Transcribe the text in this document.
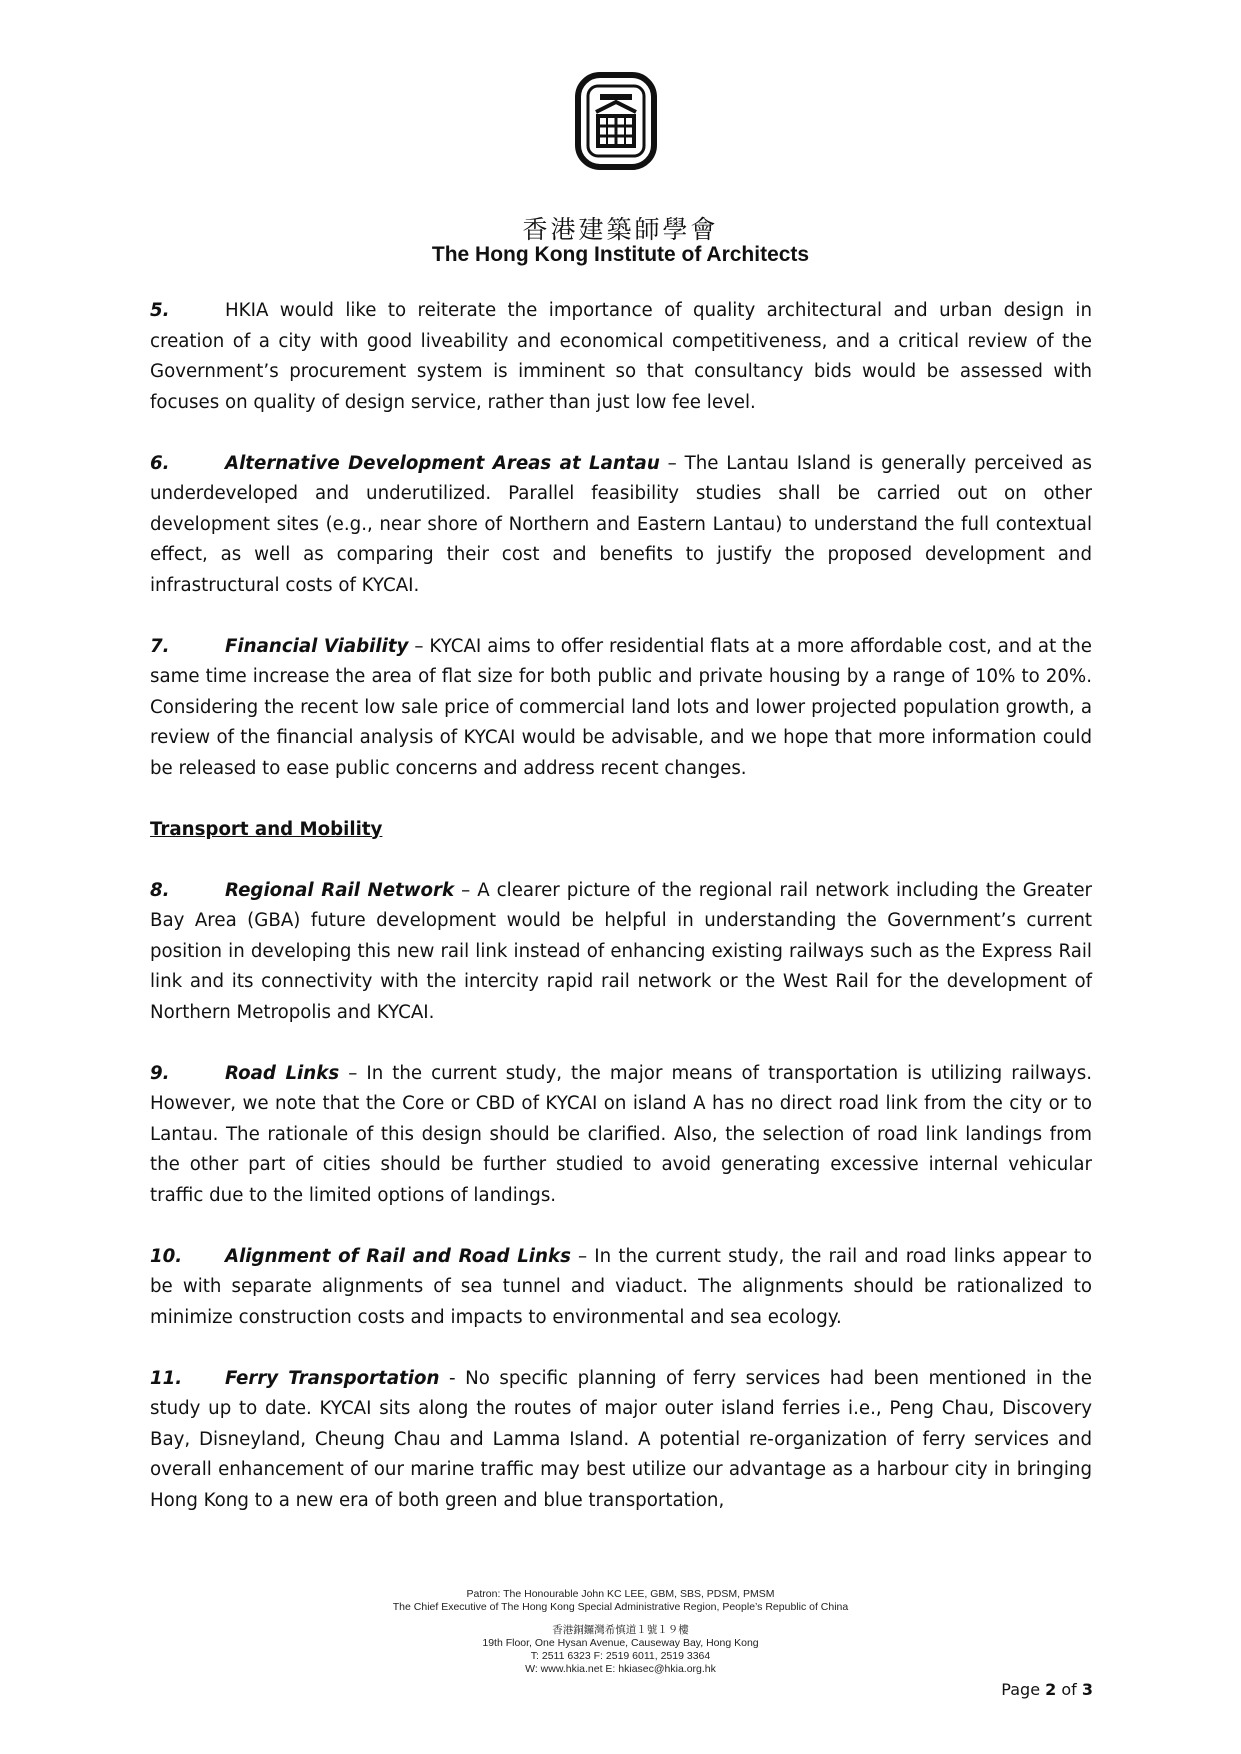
香港建築師學會
The Hong Kong Institute of Architects

5.	HKIA would like to reiterate the importance of quality architectural and urban design in creation of a city with good liveability and economical competitiveness, and a critical review of the Government’s procurement system is imminent so that consultancy bids would be assessed with focuses on quality of design service, rather than just low fee level.

6.	Alternative Development Areas at Lantau – The Lantau Island is generally perceived as underdeveloped and underutilized. Parallel feasibility studies shall be carried out on other development sites (e.g., near shore of Northern and Eastern Lantau) to understand the full contextual effect, as well as comparing their cost and benefits to justify the proposed development and infrastructural costs of KYCAI.

7.	Financial Viability – KYCAI aims to offer residential flats at a more affordable cost, and at the same time increase the area of flat size for both public and private housing by a range of 10% to 20%. Considering the recent low sale price of commercial land lots and lower projected population growth, a review of the financial analysis of KYCAI would be advisable, and we hope that more information could be released to ease public concerns and address recent changes.

Transport and Mobility

8.	Regional Rail Network – A clearer picture of the regional rail network including the Greater Bay Area (GBA) future development would be helpful in understanding the Government’s current position in developing this new rail link instead of enhancing existing railways such as the Express Rail link and its connectivity with the intercity rapid rail network or the West Rail for the development of Northern Metropolis and KYCAI.

9.	Road Links – In the current study, the major means of transportation is utilizing railways. However, we note that the Core or CBD of KYCAI on island A has no direct road link from the city or to Lantau. The rationale of this design should be clarified. Also, the selection of road link landings from the other part of cities should be further studied to avoid generating excessive internal vehicular traffic due to the limited options of landings.

10. Alignment of Rail and Road Links – In the current study, the rail and road links appear to be with separate alignments of sea tunnel and viaduct. The alignments should be rationalized to minimize construction costs and impacts to environmental and sea ecology.

11. Ferry Transportation - No specific planning of ferry services had been mentioned in the study up to date. KYCAI sits along the routes of major outer island ferries i.e., Peng Chau, Discovery Bay, Disneyland, Cheung Chau and Lamma Island. A potential re-organization of ferry services and overall enhancement of our marine traffic may best utilize our advantage as a harbour city in bringing Hong Kong to a new era of both green and blue transportation,

Patron: The Honourable John KC LEE, GBM, SBS, PDSM, PMSM
The Chief Executive of The Hong Kong Special Administrative Region, People’s Republic of China
香港銅鑼灣希慎道１號１９樓
19th Floor, One Hysan Avenue, Causeway Bay, Hong Kong
T: 2511 6323 F: 2519 6011, 2519 3364
W: www.hkia.net E: hkiasec@hkia.org.hk
Page 2 of 3
